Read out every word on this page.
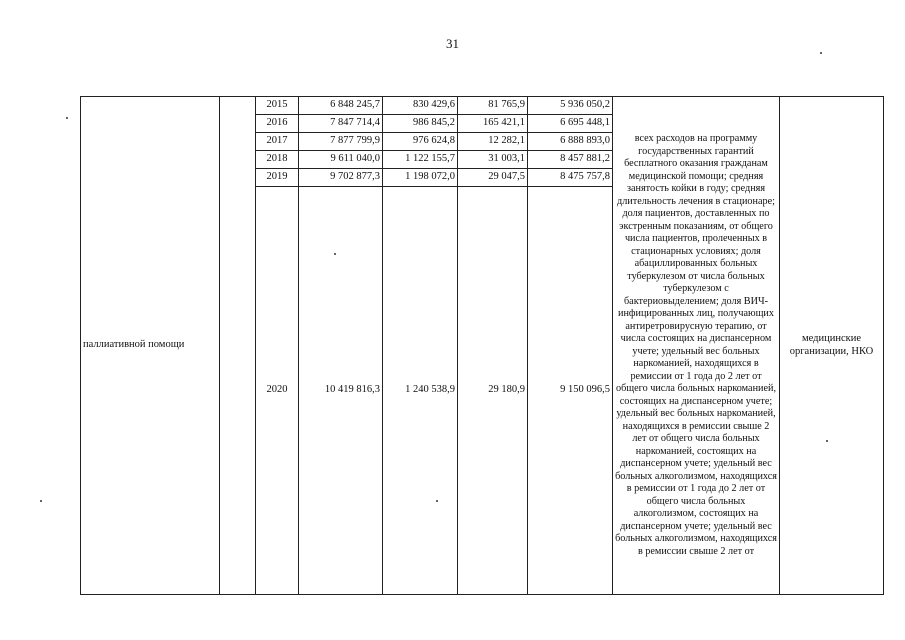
31
паллиативной помощи		2015	6 848 245,7	830 429,6	81 765,9	5 936 050,2	всех расходов на программу государственных гарантий бесплатного оказания гражданам медицинской помощи; средняя занятость койки в году; средняя длительность лечения в стационаре; доля пациентов, доставленных по экстренным показаниям, от общего числа пациентов, пролеченных в стационарных условиях; доля абациллированных больных туберкулезом от числа больных туберкулезом с бактериовыделением; доля ВИЧ-инфицированных лиц, получающих антиретровирусную терапию, от числа состоящих на диспансерном учете; удельный вес больных наркоманией, находящихся в ремиссии от 1 года до 2 лет от общего числа больных наркоманией, состоящих на диспансерном учете; удельный вес больных наркоманией, находящихся в ремиссии свыше 2 лет от общего числа больных наркоманией, состоящих на диспансерном учете; удельный вес больных алкоголизмом, находящихся в ремиссии от 1 года до 2 лет от общего числа больных алкоголизмом, состоящих на диспансерном учете; удельный вес больных алкоголизмом, находящихся в ремиссии свыше 2 лет от	медицинские организации, НКО
		2016	7 847 714,4	986 845,2	165 421,1	6 695 448,1		
		2017	7 877 799,9	976 624,8	12 282,1	6 888 893,0		
		2018	9 611 040,0	1 122 155,7	31 003,1	8 457 881,2		
		2019	9 702 877,3	1 198 072,0	29 047,5	8 475 757,8		
		2020	10 419 816,3	1 240 538,9	29 180,9	9 150 096,5		
